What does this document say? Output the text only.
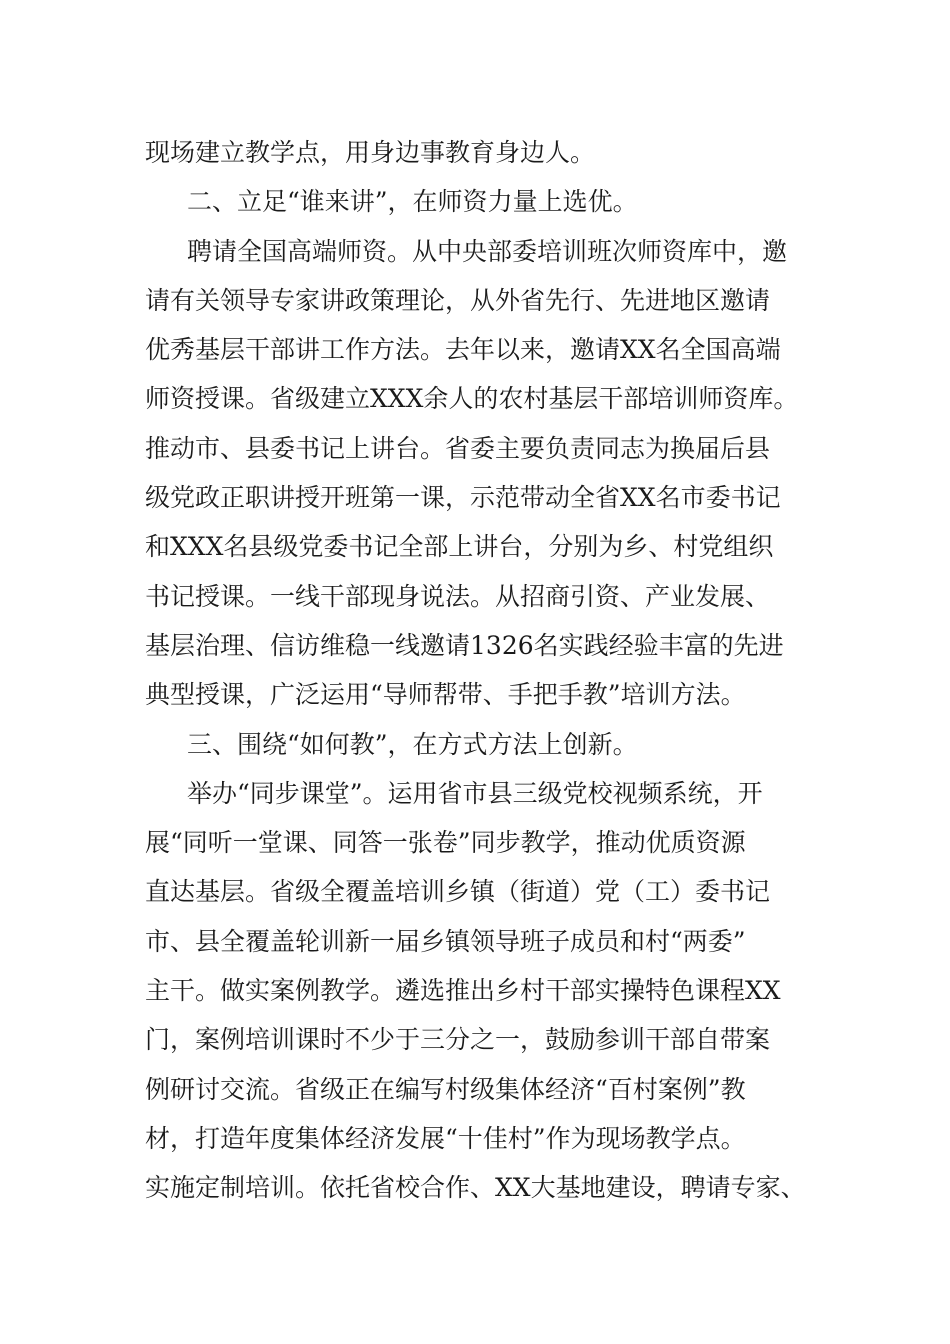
现场建立教学点，用身边事教育身边人。
二、立足“谁来讲”，在师资力量上选优。
聘请全国高端师资。从中央部委培训班次师资库中，邀
请有关领导专家讲政策理论，从外省先行、先进地区邀请
优秀基层干部讲工作方法。去年以来，邀请XX名全国高端
师资授课。省级建立XXX余人的农村基层干部培训师资库。
推动市、县委书记上讲台。省委主要负责同志为换届后县
级党政正职讲授开班第一课，示范带动全省XX名市委书记
和XXX名县级党委书记全部上讲台，分别为乡、村党组织
书记授课。一线干部现身说法。从招商引资、产业发展、
基层治理、信访维稳一线邀请1326名实践经验丰富的先进
典型授课，广泛运用“导师帮带、手把手教”培训方法。
三、围绕“如何教”，在方式方法上创新。
举办“同步课堂”。运用省市县三级党校视频系统，开
展“同听一堂课、同答一张卷”同步教学，推动优质资源
直达基层。省级全覆盖培训乡镇（街道）党（工）委书记
市、县全覆盖轮训新一届乡镇领导班子成员和村“两委”
主干。做实案例教学。遴选推出乡村干部实操特色课程XX
门，案例培训课时不少于三分之一，鼓励参训干部自带案
例研讨交流。省级正在编写村级集体经济“百村案例”教
材，打造年度集体经济发展“十佳村”作为现场教学点。
实施定制培训。依托省校合作、XX大基地建设，聘请专家、
